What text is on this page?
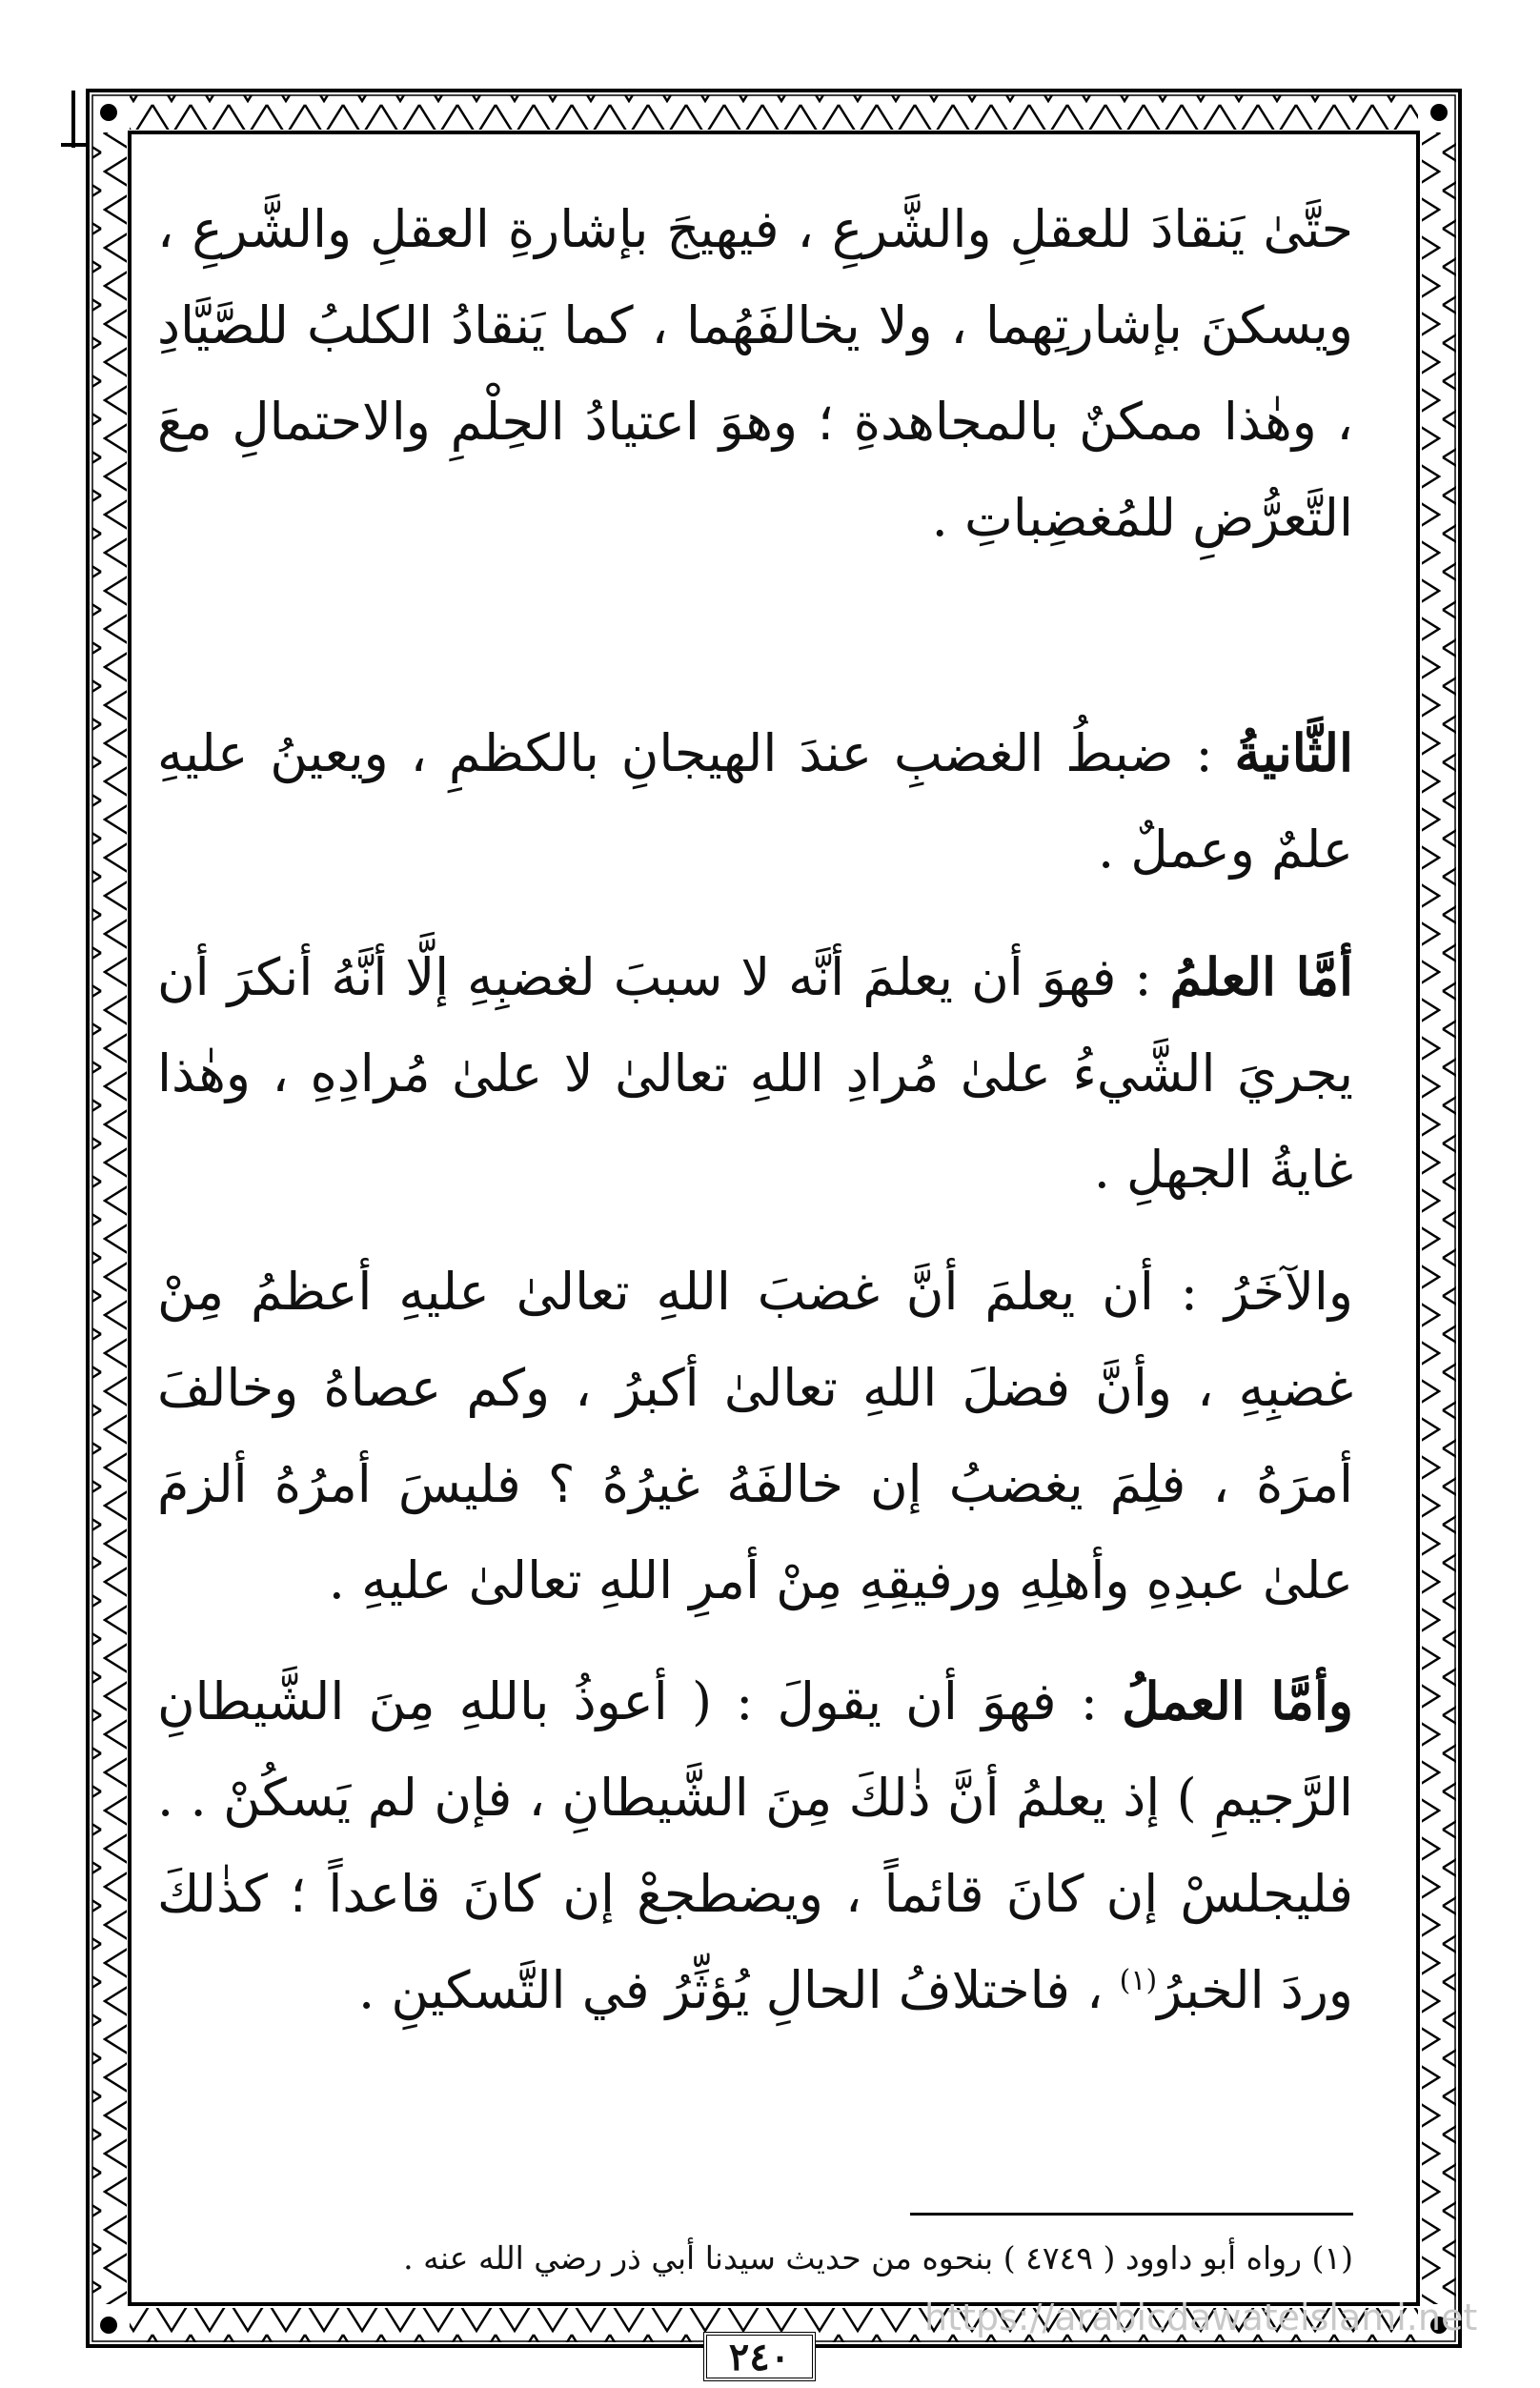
حتَّىٰ يَنقادَ للعقلِ والشَّرعِ ، فيهيجَ بإشارةِ العقلِ والشَّرعِ ، ويسكنَ بإشارتِهما ، ولا يخالفَهُما ، كما يَنقادُ الكلبُ للصَّيَّادِ ، وهٰذا ممكنٌ بالمجاهدةِ ؛ وهوَ اعتيادُ الحِلْمِ والاحتمالِ معَ التَّعرُّضِ للمُغضِباتِ .

الثَّانيةُ : ضبطُ الغضبِ عندَ الهيجانِ بالكظمِ ، ويعينُ عليهِ علمٌ وعملٌ .

أمَّا العلمُ : فهوَ أن يعلمَ أنَّه لا سببَ لغضبِهِ إلَّا أنَّهُ أنكرَ أن يجريَ الشَّيءُ علىٰ مُرادِ اللهِ تعالىٰ لا علىٰ مُرادِهِ ، وهٰذا غايةُ الجهلِ .

والآخَرُ : أن يعلمَ أنَّ غضبَ اللهِ تعالىٰ عليهِ أعظمُ مِنْ غضبِهِ ، وأنَّ فضلَ اللهِ تعالىٰ أكبرُ ، وكم عصاهُ وخالفَ أمرَهُ ، فلِمَ يغضبُ إن خالفَهُ غيرُهُ ؟ فليسَ أمرُهُ ألزمَ علىٰ عبدِهِ وأهلِهِ ورفيقِهِ مِنْ أمرِ اللهِ تعالىٰ عليهِ .

وأمَّا العملُ : فهوَ أن يقولَ : ( أعوذُ باللهِ مِنَ الشَّيطانِ الرَّجيمِ ) إذ يعلمُ أنَّ ذٰلكَ مِنَ الشَّيطانِ ، فإن لم يَسكُنْ . . فليجلسْ إن كانَ قائماً ، ويضطجعْ إن كانَ قاعداً ؛ كذٰلكَ وردَ الخبرُ$^{(١)}$ ، فاختلافُ الحالِ يُؤثِّرُ في التَّسكينِ .

(١) رواه أبو داوود ( ٤٧٤٩ ) بنحوه من حديث سيدنا أبي ذر رضي الله عنه .
٢٤٠
https://arabicdawateislami.net
